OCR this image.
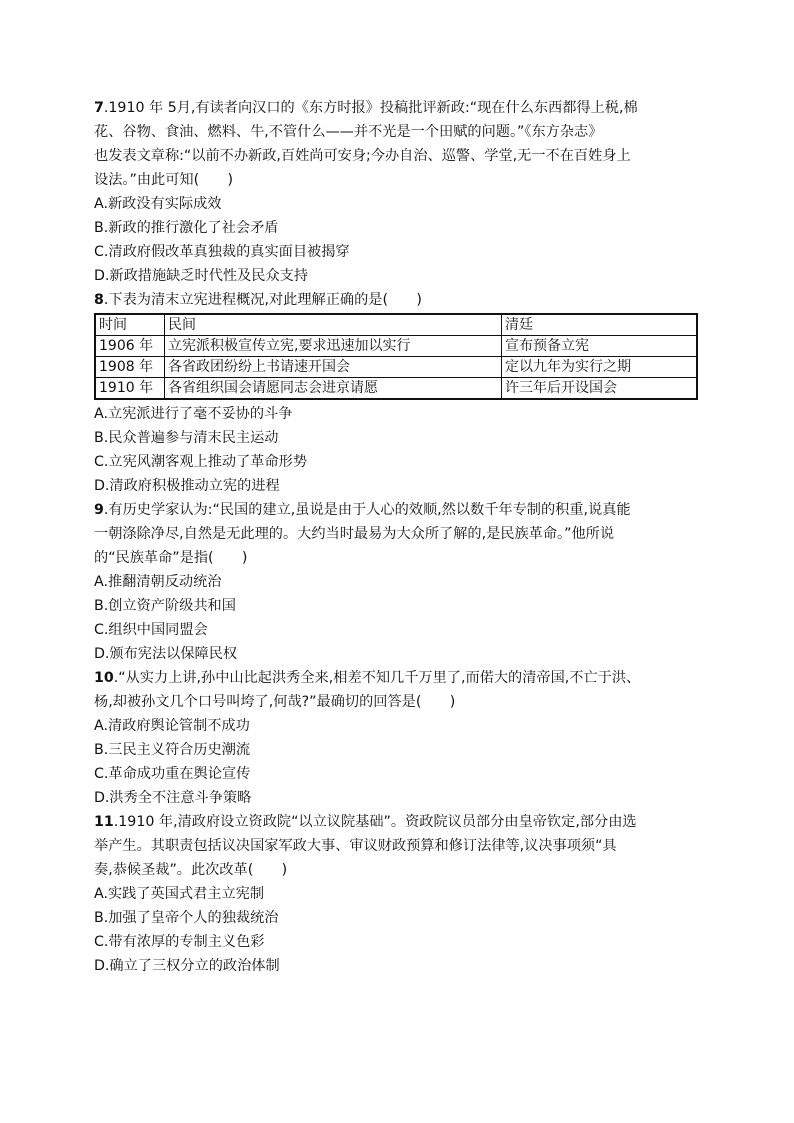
7.1910 年 5月,有读者向汉口的《东方时报》投稿批评新政:“现在什么东西都得上税,棉
花、谷物、食油、燃料、牛,不管什么——并不光是一个田赋的问题。”《东方杂志》
也发表文章称:“以前不办新政,百姓尚可安身;今办自治、巡警、学堂,无一不在百姓身上
设法。”由此可知(　　)
A.新政没有实际成效
B.新政的推行激化了社会矛盾
C.清政府假改革真独裁的真实面目被揭穿
D.新政措施缺乏时代性及民众支持
8.下表为清末立宪进程概况,对此理解正确的是(　　)
时间	民间	清廷
1906 年	立宪派积极宣传立宪,要求迅速加以实行	宣布预备立宪
1908 年	各省政团纷纷上书请速开国会	定以九年为实行之期
1910 年	各省组织国会请愿同志会进京请愿	许三年后开设国会
A.立宪派进行了毫不妥协的斗争
B.民众普遍参与清末民主运动
C.立宪风潮客观上推动了革命形势
D.清政府积极推动立宪的进程
9.有历史学家认为:“民国的建立,虽说是由于人心的效顺,然以数千年专制的积重,说真能
一朝涤除净尽,自然是无此理的。大约当时最易为大众所了解的,是民族革命。”他所说
的“民族革命”是指(　　)
A.推翻清朝反动统治
B.创立资产阶级共和国
C.组织中国同盟会
D.颁布宪法以保障民权
10.“从实力上讲,孙中山比起洪秀全来,相差不知几千万里了,而偌大的清帝国,不亡于洪、
杨,却被孙文几个口号叫垮了,何哉?”最确切的回答是(　　)
A.清政府舆论管制不成功
B.三民主义符合历史潮流
C.革命成功重在舆论宣传
D.洪秀全不注意斗争策略
11.1910 年,清政府设立资政院“以立议院基础”。资政院议员部分由皇帝钦定,部分由选
举产生。其职责包括议决国家军政大事、审议财政预算和修订法律等,议决事项须“具
奏,恭候圣裁”。此次改革(　　)
A.实践了英国式君主立宪制
B.加强了皇帝个人的独裁统治
C.带有浓厚的专制主义色彩
D.确立了三权分立的政治体制
